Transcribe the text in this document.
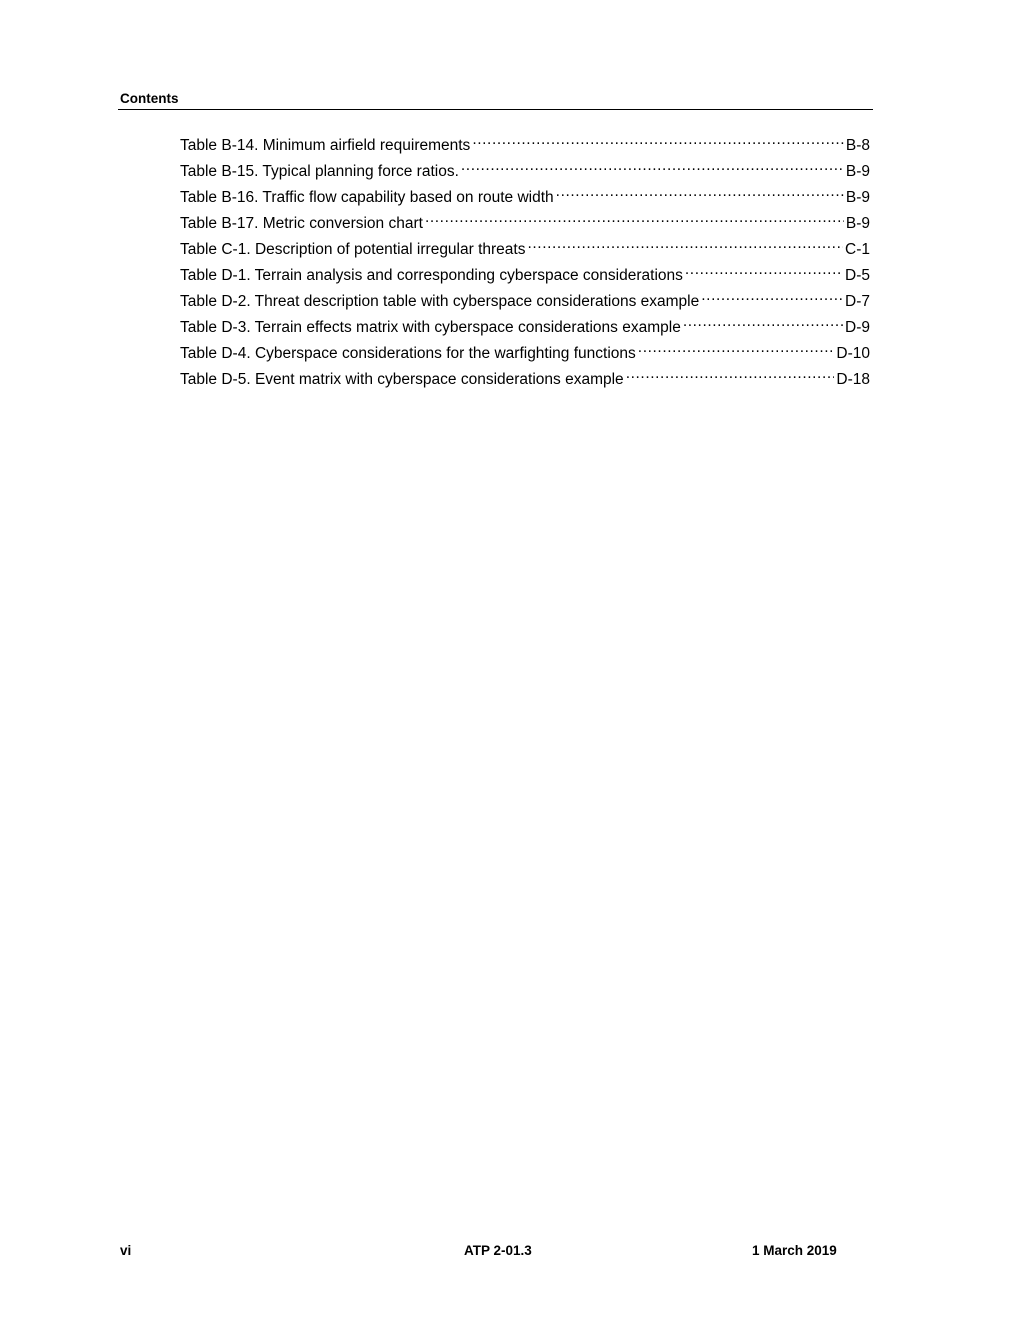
Contents
Table B-14. Minimum airfield requirements .....	B-8
Table B-15. Typical planning force ratios. .....	B-9
Table B-16. Traffic flow capability based on route width .....	B-9
Table B-17. Metric conversion chart .....	B-9
Table C-1. Description of potential irregular threats .....	C-1
Table D-1. Terrain analysis and corresponding cyberspace considerations .....	D-5
Table D-2. Threat description table with cyberspace considerations example .....	D-7
Table D-3. Terrain effects matrix with cyberspace considerations example .....	D-9
Table D-4. Cyberspace considerations for the warfighting functions .....	D-10
Table D-5. Event matrix with cyberspace considerations example .....	D-18
vi	ATP 2-01.3	1 March 2019
